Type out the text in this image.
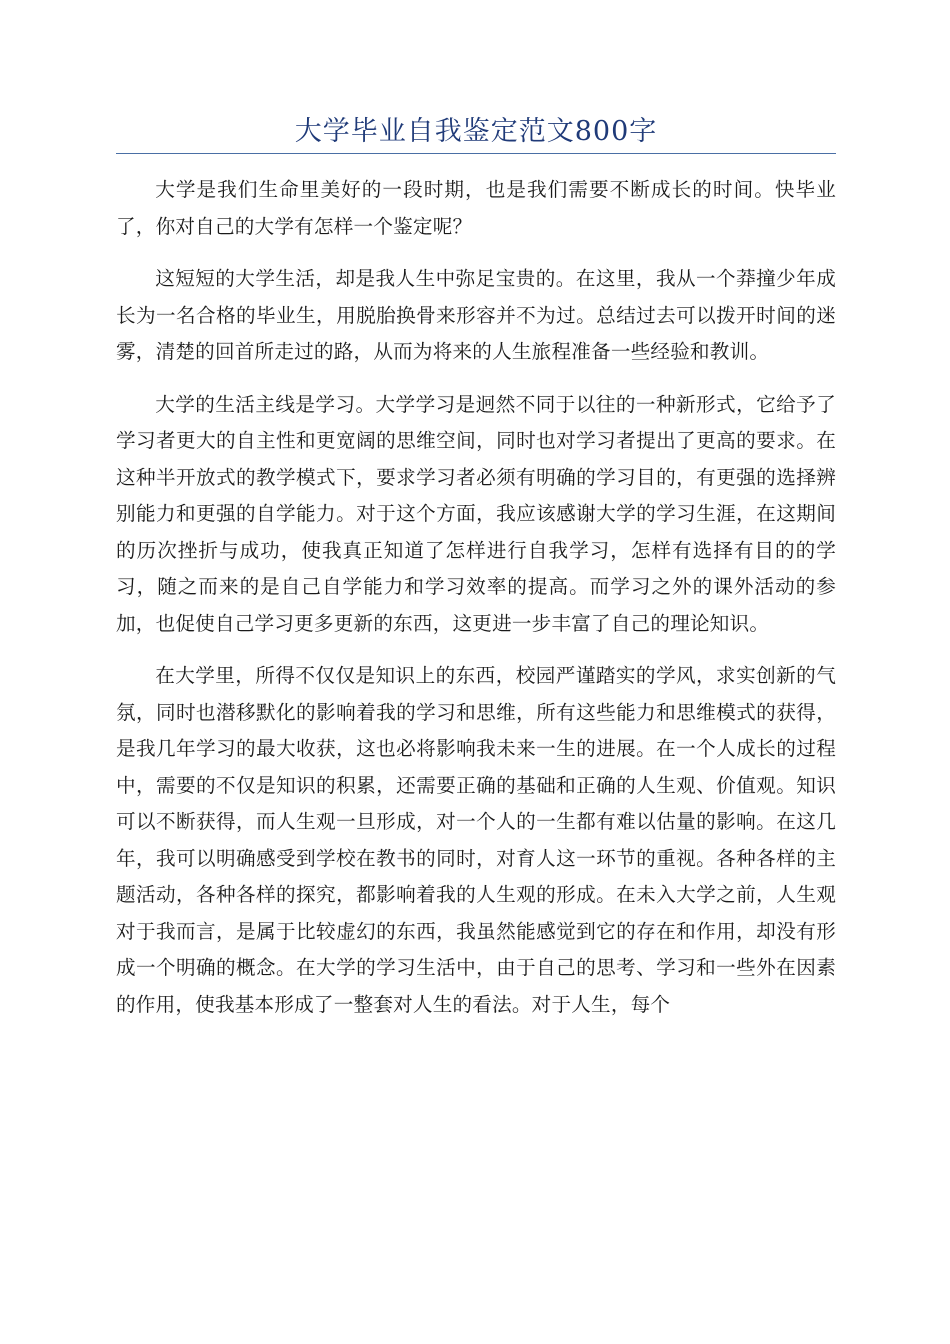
大学毕业自我鉴定范文800字

大学是我们生命里美好的一段时期，也是我们需要不断成长的时间。快毕业了，你对自己的大学有怎样一个鉴定呢？

这短短的大学生活，却是我人生中弥足宝贵的。在这里，我从一个莽撞少年成长为一名合格的毕业生，用脱胎换骨来形容并不为过。总结过去可以拨开时间的迷雾，清楚的回首所走过的路，从而为将来的人生旅程准备一些经验和教训。

大学的生活主线是学习。大学学习是迥然不同于以往的一种新形式，它给予了学习者更大的自主性和更宽阔的思维空间，同时也对学习者提出了更高的要求。在这种半开放式的教学模式下，要求学习者必须有明确的学习目的，有更强的选择辨别能力和更强的自学能力。对于这个方面，我应该感谢大学的学习生涯，在这期间的历次挫折与成功，使我真正知道了怎样进行自我学习，怎样有选择有目的的学习，随之而来的是自己自学能力和学习效率的提高。而学习之外的课外活动的参加，也促使自己学习更多更新的东西，这更进一步丰富了自己的理论知识。

在大学里，所得不仅仅是知识上的东西，校园严谨踏实的学风，求实创新的气氛，同时也潜移默化的影响着我的学习和思维，所有这些能力和思维模式的获得，是我几年学习的最大收获，这也必将影响我未来一生的进展。在一个人成长的过程中，需要的不仅是知识的积累，还需要正确的基础和正确的人生观、价值观。知识可以不断获得，而人生观一旦形成，对一个人的一生都有难以估量的影响。在这几年，我可以明确感受到学校在教书的同时，对育人这一环节的重视。各种各样的主题活动，各种各样的探究，都影响着我的人生观的形成。在未入大学之前，人生观对于我而言，是属于比较虚幻的东西，我虽然能感觉到它的存在和作用，却没有形成一个明确的概念。在大学的学习生活中，由于自己的思考、学习和一些外在因素的作用，使我基本形成了一整套对人生的看法。对于人生，每个
